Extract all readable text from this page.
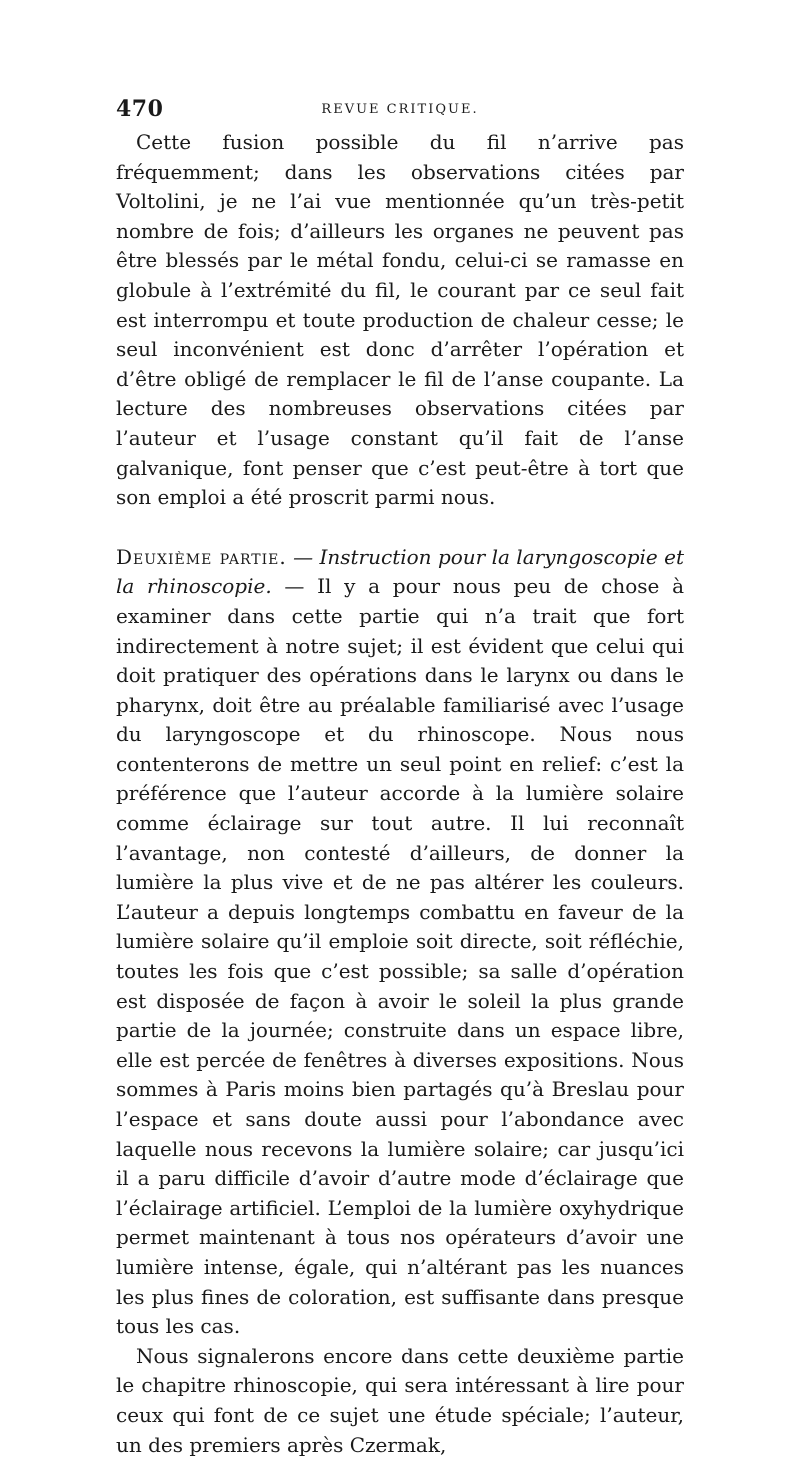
470	REVUE CRITIQUE.

Cette fusion possible du fil n’arrive pas fréquemment; dans les observations citées par Voltolini, je ne l’ai vue mentionnée qu’un très-petit nombre de fois; d’ailleurs les organes ne peuvent pas être blessés par le métal fondu, celui-ci se ramasse en globule à l’extrémité du fil, le courant par ce seul fait est interrompu et toute production de chaleur cesse; le seul inconvénient est donc d’arrêter l’opération et d’être obligé de remplacer le fil de l’anse coupante. La lecture des nombreuses observations citées par l’auteur et l’usage constant qu’il fait de l’anse galvanique, font penser que c’est peut-être à tort que son emploi a été proscrit parmi nous.

Deuxième partie. — Instruction pour la laryngoscopie et la rhinoscopie. — Il y a pour nous peu de chose à examiner dans cette partie qui n’a trait que fort indirectement à notre sujet; il est évident que celui qui doit pratiquer des opérations dans le larynx ou dans le pharynx, doit être au préalable familiarisé avec l’usage du laryngoscope et du rhinoscope. Nous nous contenterons de mettre un seul point en relief: c’est la préférence que l’auteur accorde à la lumière solaire comme éclairage sur tout autre. Il lui reconnaît l’avantage, non contesté d’ailleurs, de donner la lumière la plus vive et de ne pas altérer les couleurs. L’auteur a depuis longtemps combattu en faveur de la lumière solaire qu’il emploie soit directe, soit réfléchie, toutes les fois que c’est possible; sa salle d’opération est disposée de façon à avoir le soleil la plus grande partie de la journée; construite dans un espace libre, elle est percée de fenêtres à diverses expositions. Nous sommes à Paris moins bien partagés qu’à Breslau pour l’espace et sans doute aussi pour l’abondance avec laquelle nous recevons la lumière solaire; car jusqu’ici il a paru difficile d’avoir d’autre mode d’éclairage que l’éclairage artificiel. L’emploi de la lumière oxyhydrique permet maintenant à tous nos opérateurs d’avoir une lumière intense, égale, qui n’altérant pas les nuances les plus fines de coloration, est suffisante dans presque tous les cas.

Nous signalerons encore dans cette deuxième partie le chapitre rhinoscopie, qui sera intéressant à lire pour ceux qui font de ce sujet une étude spéciale; l’auteur, un des premiers après Czermak,
